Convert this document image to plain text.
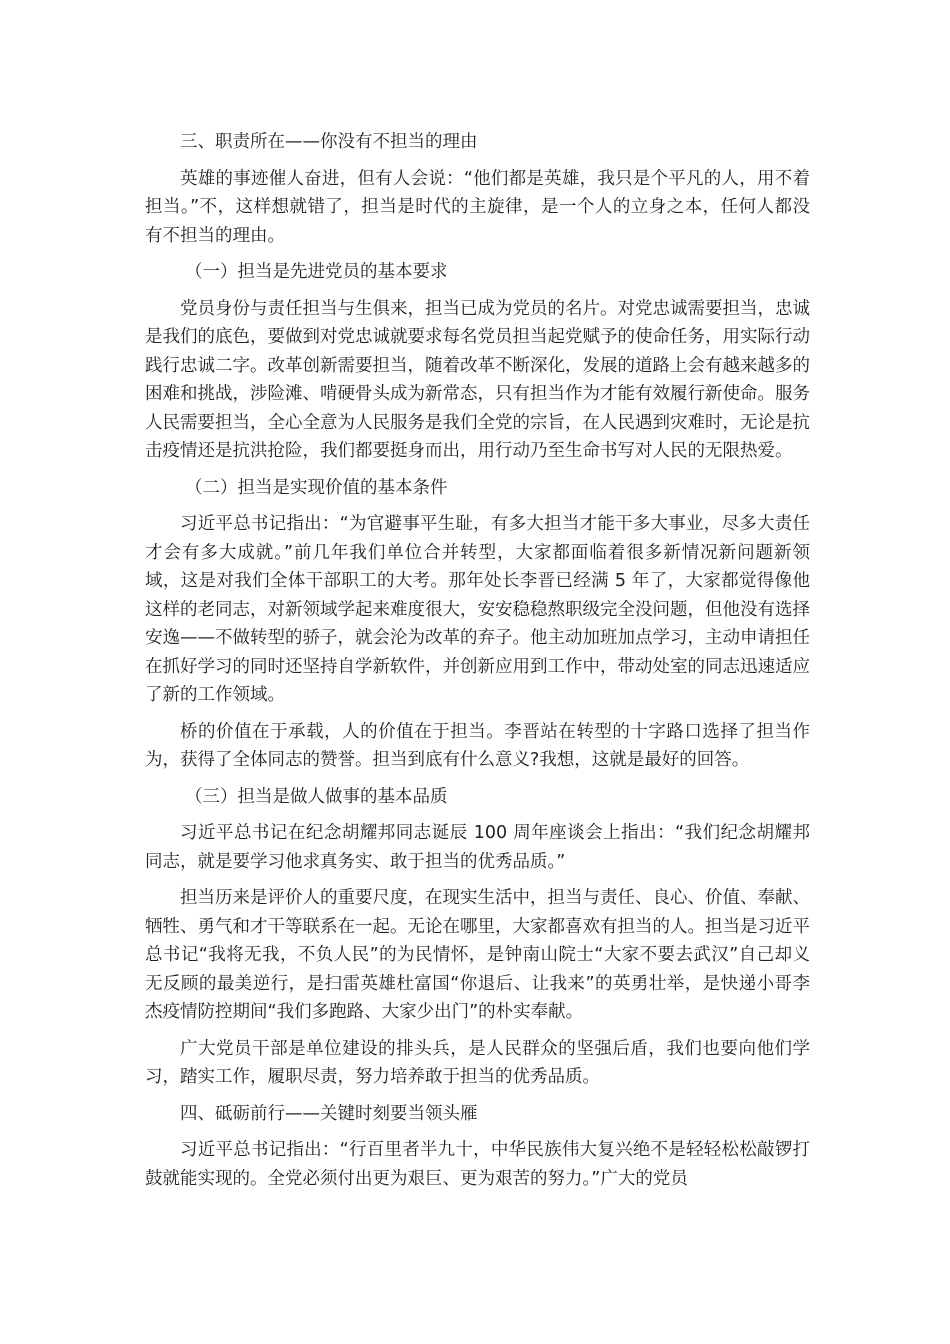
三、职责所在——你没有不担当的理由

英雄的事迹催人奋进，但有人会说：“他们都是英雄，我只是个平凡的人，用不着担当。”不，这样想就错了，担当是时代的主旋律，是一个人的立身之本，任何人都没有不担当的理由。

（一）担当是先进党员的基本要求

党员身份与责任担当与生俱来，担当已成为党员的名片。对党忠诚需要担当，忠诚是我们的底色，要做到对党忠诚就要求每名党员担当起党赋予的使命任务，用实际行动践行忠诚二字。改革创新需要担当，随着改革不断深化，发展的道路上会有越来越多的困难和挑战，涉险滩、啃硬骨头成为新常态，只有担当作为才能有效履行新使命。服务人民需要担当，全心全意为人民服务是我们全党的宗旨，在人民遇到灾难时，无论是抗击疫情还是抗洪抢险，我们都要挺身而出，用行动乃至生命书写对人民的无限热爱。

（二）担当是实现价值的基本条件

习近平总书记指出：“为官避事平生耻，有多大担当才能干多大事业，尽多大责任才会有多大成就。”前几年我们单位合并转型，大家都面临着很多新情况新问题新领域，这是对我们全体干部职工的大考。那年处长李晋已经满 5 年了，大家都觉得像他这样的老同志，对新领域学起来难度很大，安安稳稳熬职级完全没问题，但他没有选择安逸——不做转型的骄子，就会沦为改革的弃子。他主动加班加点学习，主动申请担任在抓好学习的同时还坚持自学新软件，并创新应用到工作中，带动处室的同志迅速适应了新的工作领域。

桥的价值在于承载，人的价值在于担当。李晋站在转型的十字路口选择了担当作为，获得了全体同志的赞誉。担当到底有什么意义?我想，这就是最好的回答。

（三）担当是做人做事的基本品质

习近平总书记在纪念胡耀邦同志诞辰 100 周年座谈会上指出：“我们纪念胡耀邦同志，就是要学习他求真务实、敢于担当的优秀品质。”

担当历来是评价人的重要尺度，在现实生活中，担当与责任、良心、价值、奉献、牺牲、勇气和才干等联系在一起。无论在哪里，大家都喜欢有担当的人。担当是习近平总书记“我将无我，不负人民”的为民情怀，是钟南山院士“大家不要去武汉”自己却义无反顾的最美逆行，是扫雷英雄杜富国“你退后、让我来”的英勇壮举，是快递小哥李杰疫情防控期间“我们多跑路、大家少出门”的朴实奉献。

广大党员干部是单位建设的排头兵，是人民群众的坚强后盾，我们也要向他们学习，踏实工作，履职尽责，努力培养敢于担当的优秀品质。

四、砥砺前行——关键时刻要当领头雁

习近平总书记指出：“行百里者半九十，中华民族伟大复兴绝不是轻轻松松敲锣打鼓就能实现的。全党必须付出更为艰巨、更为艰苦的努力。”广大的党员
